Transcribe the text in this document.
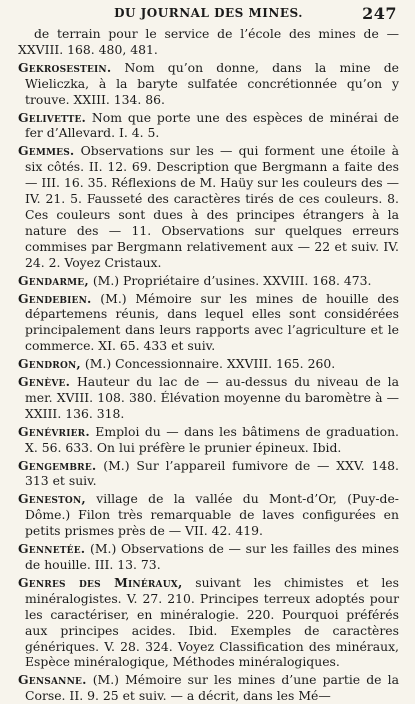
DU JOURNAL DES MINES.	247

de terrain pour le service de l’école des mines de — XXVIII. 168. 480, 481.

Gekrosestein. Nom qu’on donne, dans la mine de Wieliczka, à la baryte sulfatée concrétionnée qu’on y trouve. XXIII. 134. 86.

Gelivette. Nom que porte une des espèces de minérai de fer d’Allevard. I. 4. 5.

Gemmes. Observations sur les — qui forment une étoile à six côtés. II. 12. 69. Description que Bergmann a faite des — III. 16. 35. Réflexions de M. Haüy sur les couleurs des — IV. 21. 5. Fausseté des caractères tirés de ces couleurs. 8. Ces couleurs sont dues à des principes étrangers à la nature des — 11. Observations sur quelques erreurs commises par Bergmann relativement aux — 22 et suiv. IV. 24. 2. Voyez Cristaux.

Gendarme, (M.) Propriétaire d’usines. XXVIII. 168. 473.

Gendebien. (M.) Mémoire sur les mines de houille des départemens réunis, dans lequel elles sont considérées principalement dans leurs rapports avec l’agriculture et le commerce. XI. 65. 433 et suiv.

Gendron, (M.) Concessionnaire. XXVIII. 165. 260.

Genève. Hauteur du lac de — au-dessus du niveau de la mer. XVIII. 108. 380. Élévation moyenne du baromètre à — XXIII. 136. 318.

Genévrier. Emploi du — dans les bâtimens de graduation. X. 56. 633. On lui préfère le prunier épineux. Ibid.

Gengembre. (M.) Sur l’appareil fumivore de — XXV. 148. 313 et suiv.

Geneston, village de la vallée du Mont-d’Or, (Puy-de-Dôme.) Filon très remarquable de laves configurées en petits prismes près de — VII. 42. 419.

Gennetée. (M.) Observations de — sur les failles des mines de houille. III. 13. 73.

Genres des Minéraux, suivant les chimistes et les minéralogistes. V. 27. 210. Principes terreux adoptés pour les caractériser, en minéralogie. 220. Pourquoi préférés aux principes acides. Ibid. Exemples de caractères génériques. V. 28. 324. Voyez Classification des minéraux, Espèce minéralogique, Méthodes minéralogiques.

Gensanne. (M.) Mémoire sur les mines d’une partie de la Corse. II. 9. 25 et suiv. — a décrit, dans les Mé—
